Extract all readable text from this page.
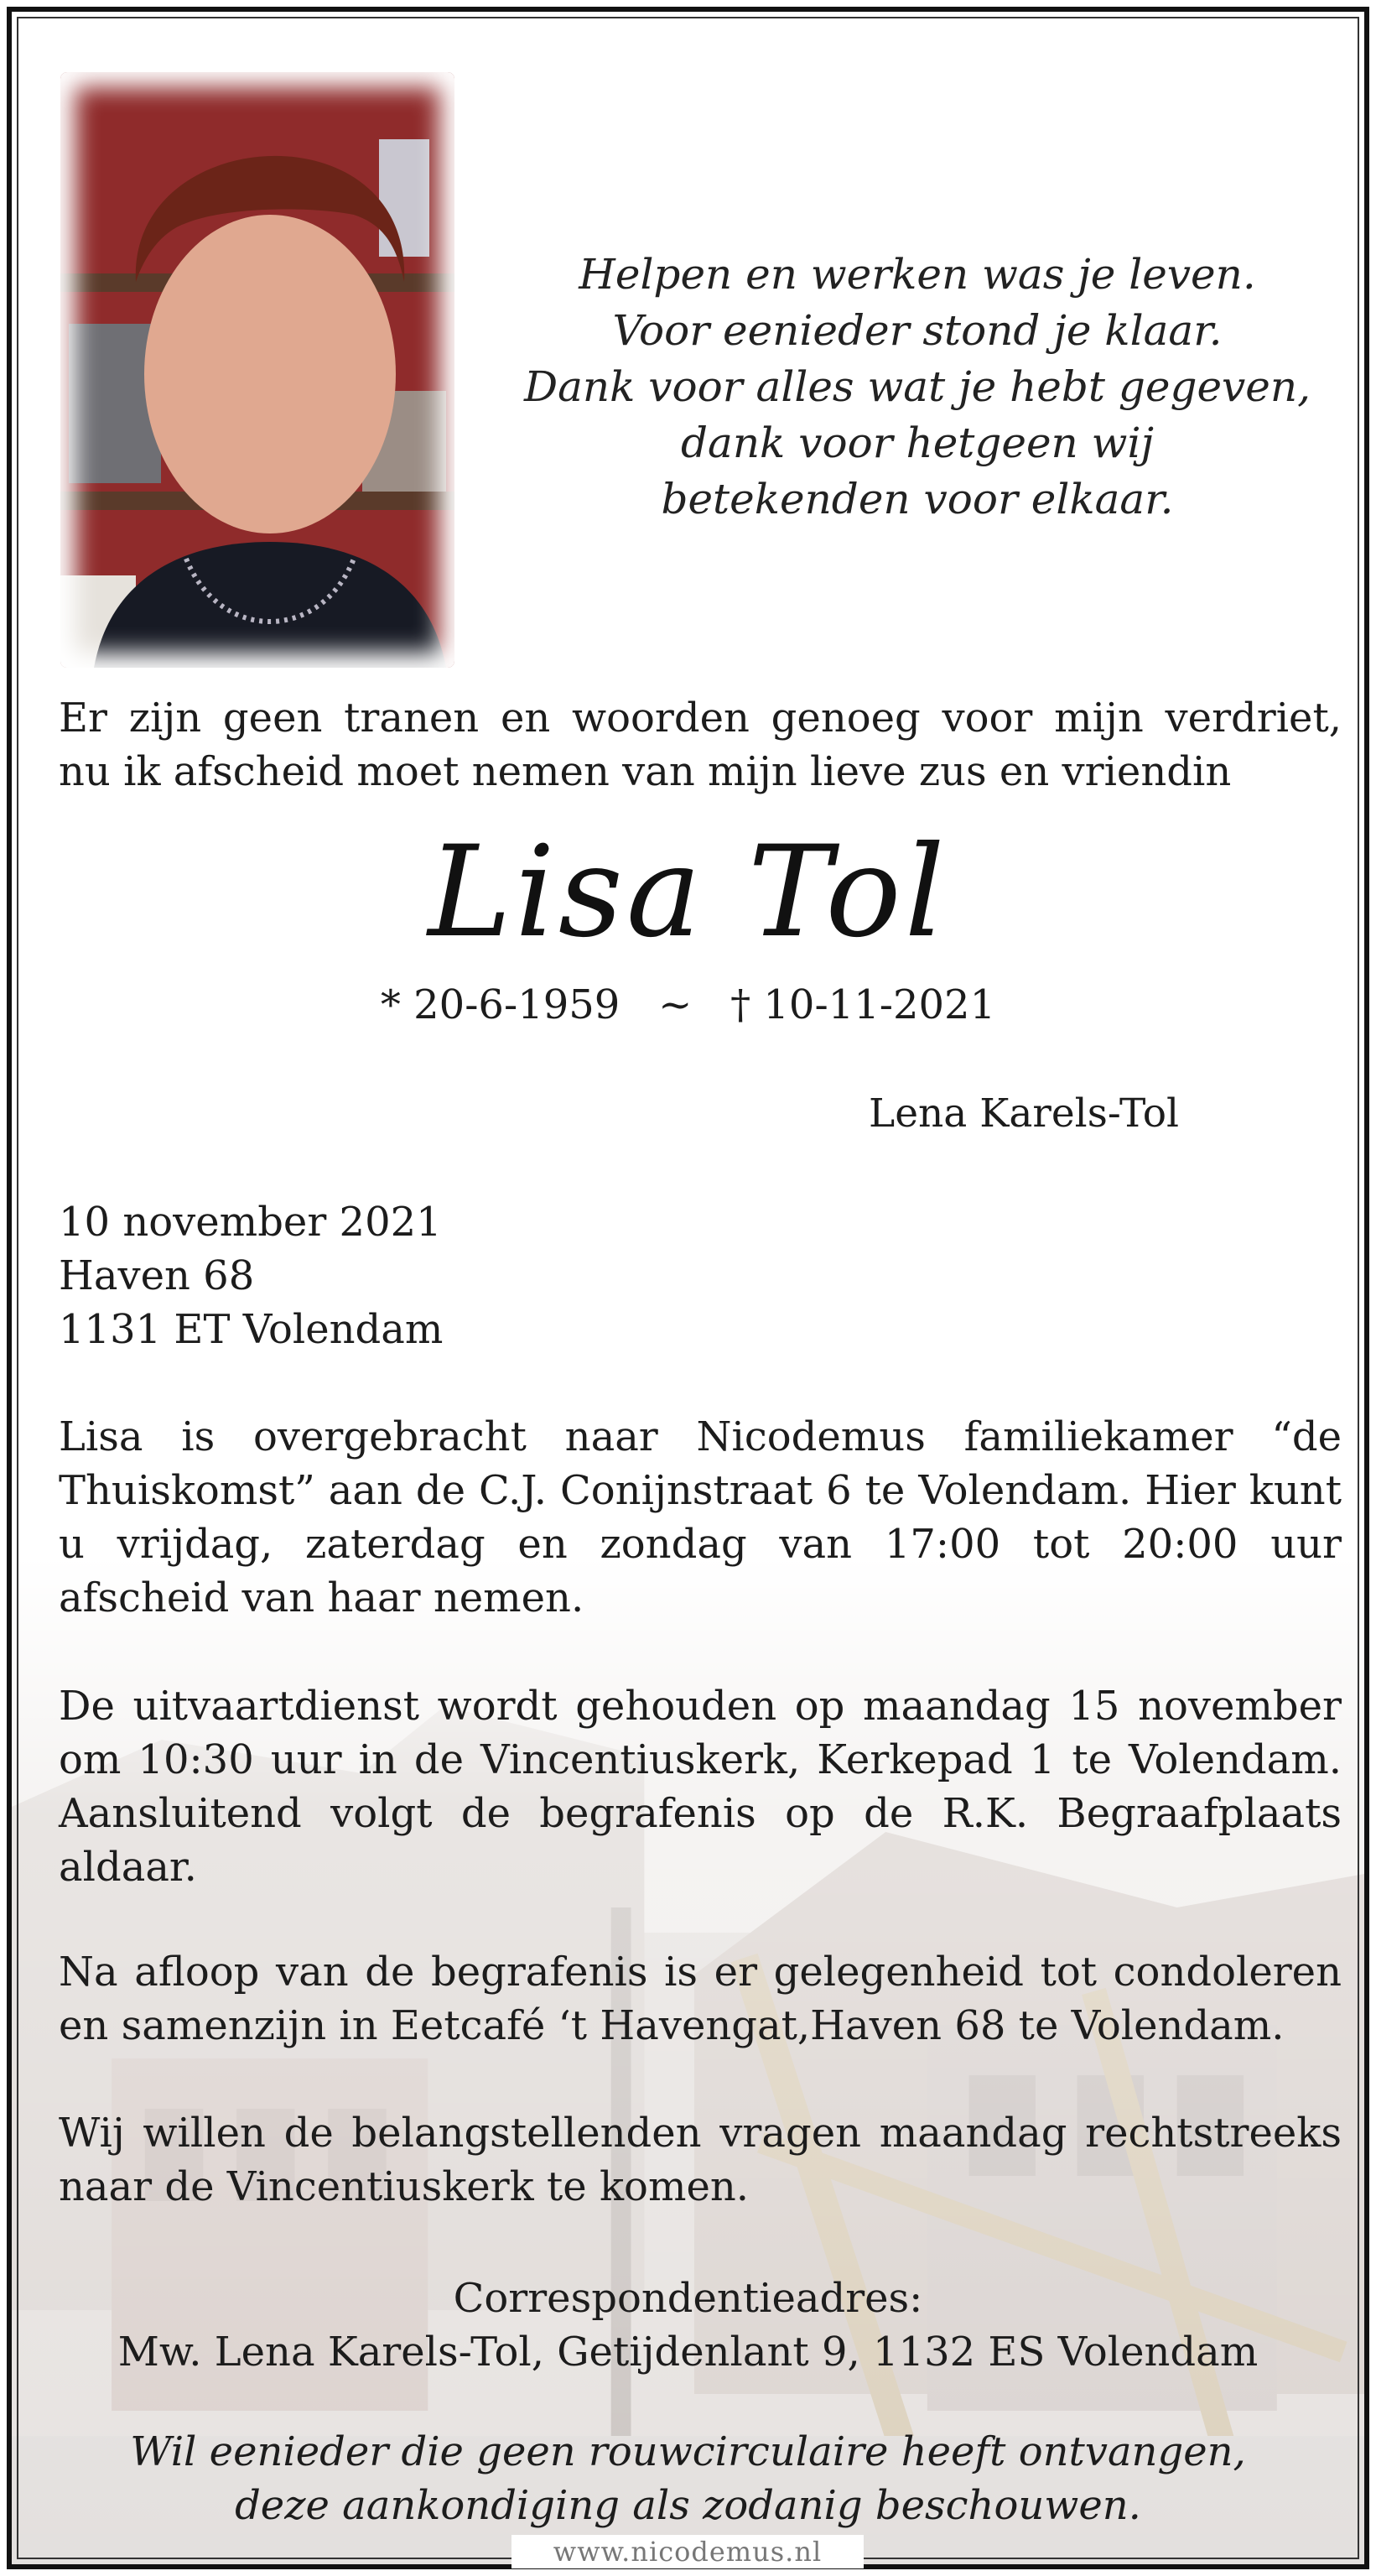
Helpen en werken was je leven.
Voor eenieder stond je klaar.
Dank voor alles wat je hebt gegeven,
dank voor hetgeen wij
betekenden voor elkaar.
Er zijn geen tranen en woorden genoeg voor mijn verdriet,
nu ik afscheid moet nemen van mijn lieve zus en vriendin
Lisa Tol
* 20-6-1959   ~   † 10-11-2021
Lena Karels-Tol
10 november 2021
Haven 68
1131 ET Volendam
Lisa is overgebracht naar Nicodemus familiekamer “de Thuiskomst” aan de C.J. Conijnstraat 6 te Volendam. Hier kunt u vrijdag, zaterdag en zondag van 17:00 tot 20:00 uur afscheid van haar nemen.
De uitvaartdienst wordt gehouden op maandag 15 november om 10:30 uur in de Vincentiuskerk, Kerkepad 1 te Volendam. Aansluitend volgt de begrafenis op de R.K. Begraafplaats aldaar.
Na afloop van de begrafenis is er gelegenheid tot condoleren en samenzijn in Eetcafé ‘t Havengat,Haven 68 te Volendam.
Wij willen de belangstellenden vragen maandag rechtstreeks naar de Vincentiuskerk te komen.
Correspondentieadres:
Mw. Lena Karels-Tol, Getijdenlant 9, 1132 ES Volendam
Wil eenieder die geen rouwcirculaire heeft ontvangen,
deze aankondiging als zodanig beschouwen.
www.nicodemus.nl
